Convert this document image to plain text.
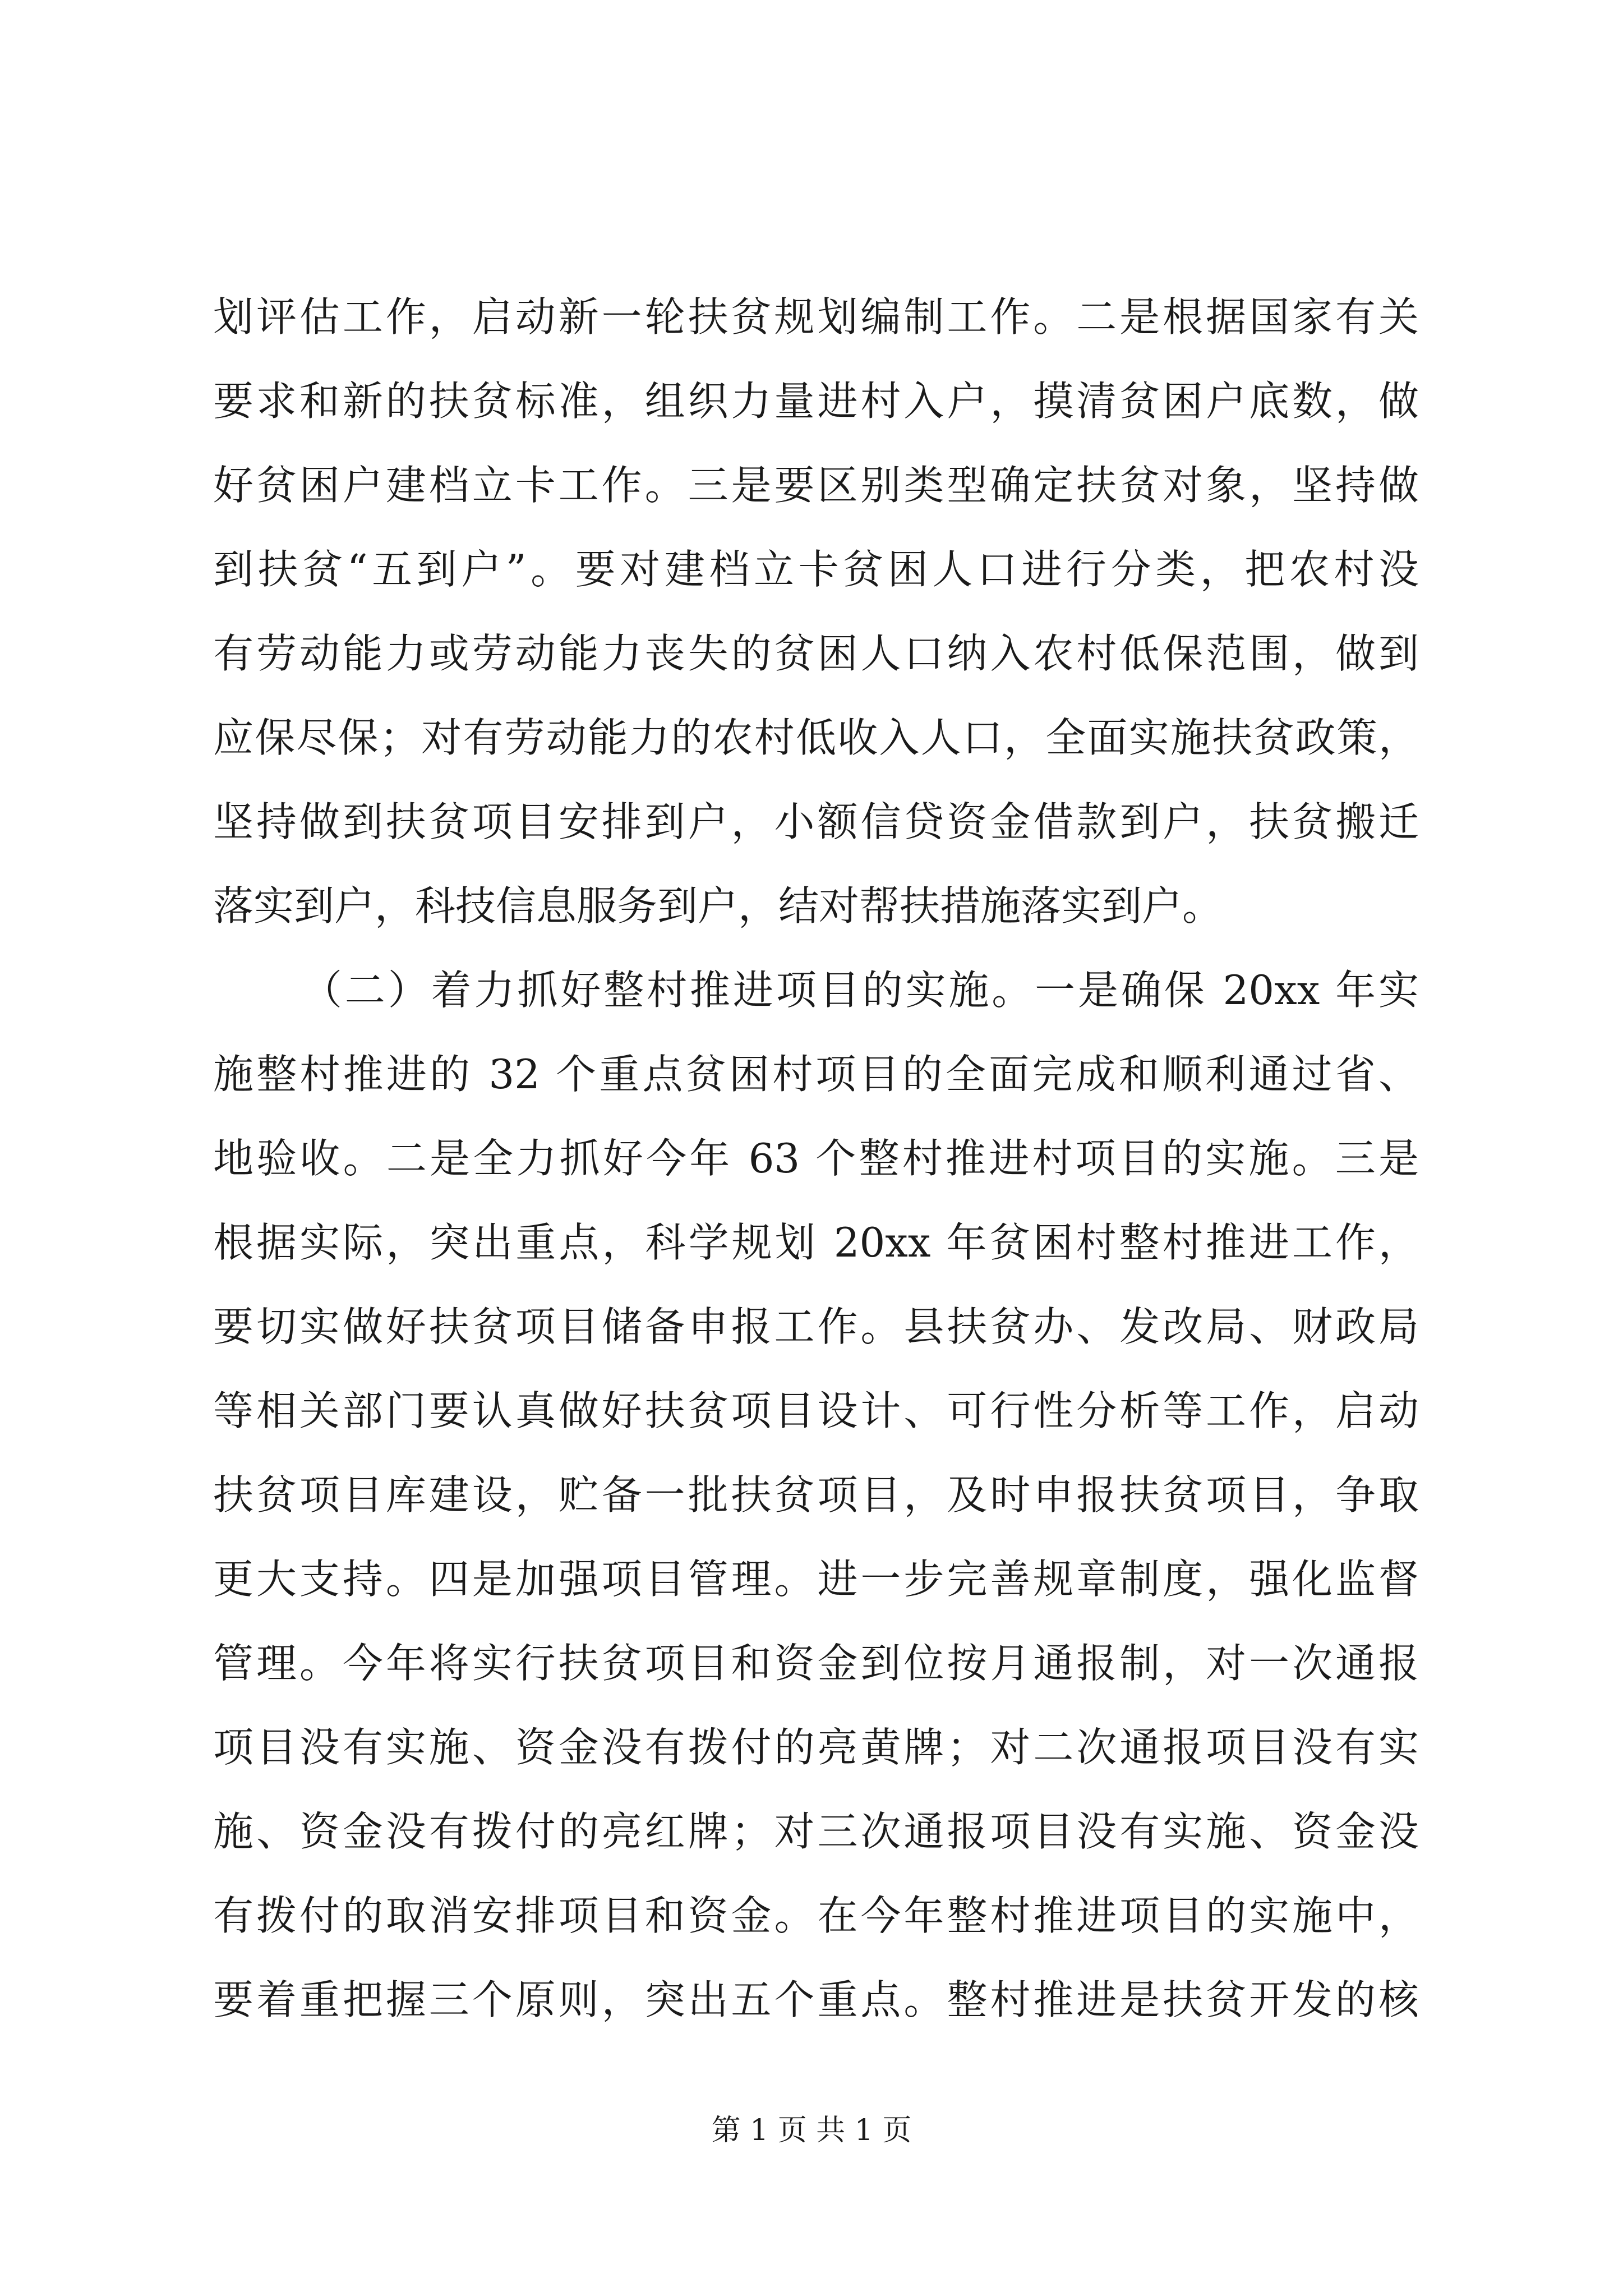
划评估工作，启动新一轮扶贫规划编制工作。二是根据国家有关
要求和新的扶贫标准，组织力量进村入户，摸清贫困户底数，做
好贫困户建档立卡工作。三是要区别类型确定扶贫对象，坚持做
到扶贫“五到户”。要对建档立卡贫困人口进行分类，把农村没
有劳动能力或劳动能力丧失的贫困人口纳入农村低保范围，做到
应保尽保；对有劳动能力的农村低收入人口，全面实施扶贫政策，
坚持做到扶贫项目安排到户，小额信贷资金借款到户，扶贫搬迁
落实到户，科技信息服务到户，结对帮扶措施落实到户。
（二）着力抓好整村推进项目的实施。一是确保 20xx 年实
施整村推进的 32 个重点贫困村项目的全面完成和顺利通过省、
地验收。二是全力抓好今年 63 个整村推进村项目的实施。三是
根据实际，突出重点，科学规划 20xx 年贫困村整村推进工作，
要切实做好扶贫项目储备申报工作。县扶贫办、发改局、财政局
等相关部门要认真做好扶贫项目设计、可行性分析等工作，启动
扶贫项目库建设，贮备一批扶贫项目，及时申报扶贫项目，争取
更大支持。四是加强项目管理。进一步完善规章制度，强化监督
管理。今年将实行扶贫项目和资金到位按月通报制，对一次通报
项目没有实施、资金没有拨付的亮黄牌；对二次通报项目没有实
施、资金没有拨付的亮红牌；对三次通报项目没有实施、资金没
有拨付的取消安排项目和资金。在今年整村推进项目的实施中，
要着重把握三个原则，突出五个重点。整村推进是扶贫开发的核
第 1 页 共 1 页
